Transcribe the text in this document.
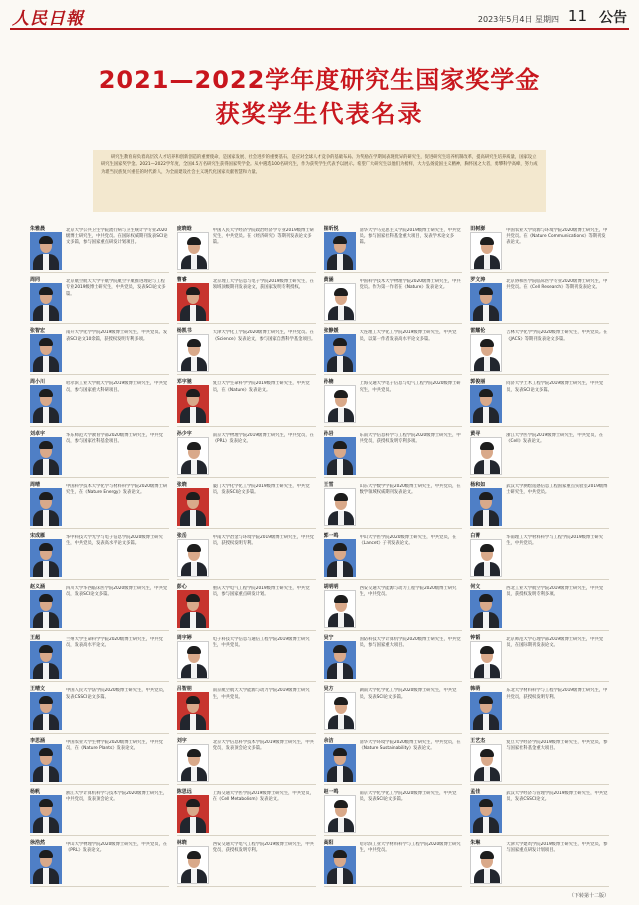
人民日報	2023年5月4日 星期四 11 公告
2021—2022学年度研究生国家奖学金
获奖学生代表名录
研究生教育肩负着高层次人才培养和创新创造的重要使命，是国家发展、社会进步的重要基石，是应对全球人才竞争的基础布局。为奖励在学期间表现优异的研究生，促进研究生培养机制改革，提高研究生培养质量，国家设立研究生国家奖学金。2021—2022学年度，全国4.5万名研究生获得国家奖学金。从中遴选100名研究生，作为获奖学生代表予以展示。希望广大研究生以他们为榜样，大力弘扬爱国主义精神，胸怀国之大者，勇攀科学高峰，努力成为堪当民族复兴重任的时代新人，为全面建设社会主义现代化国家贡献智慧和力量。
朱雅晨	北京大学公共卫生学院流行病与卫生统计学专业2020级博士研究生，中共党员。在国际权威期刊发表SCI论文多篇，参与国家重点研发计划项目。
庞晓晗	中国人民大学经济学院政治经济学专业2019级博士研究生，中共党员。在《经济研究》等期刊发表论文多篇。
崔昕悦	清华大学马克思主义学院2019级博士研究生，中共党员。参与国家社科基金重大项目，发表学术论文多篇。
田树澎	中国农业大学资源与环境学院2020级博士研究生，中共党员。在《Nature Communications》等期刊发表论文。
周同	北京航空航天大学宇航学院航空宇航推进理论与工程专业2019级博士研究生，中共党员，发表SCI论文多篇。
曹睿	北京理工大学信息与电子学院2019级博士研究生，在领域顶级期刊发表论文，获国家发明专利授权。
黄涵	中国科学技术大学物理学院2020级博士研究生，中共党员。作为第一作者在《Nature》发表论文。
罗文涛	北京协和医学院临床医学专业2020级博士研究生，中共党员。在《Cell Research》等期刊发表论文。
张智宏	南开大学化学学院2019级博士研究生，中共党员。发表SCI论文10余篇，获授权发明专利多项。
杨凯书	天津大学化工学院2020级博士研究生，中共党员。在《Science》发表论文，参与国家自然科学基金项目。
张静媛	大连理工大学化工学院2019级博士研究生，中共党员，以第一作者发表高水平论文多篇。
雷耀伦	吉林大学化学学院2020级博士研究生，中共党员。在《JACS》等期刊发表论文多篇。
周小川	哈尔滨工业大学航天学院2019级博士研究生，中共党员，参与国家重大科研项目。
邓宇驰	复旦大学生命科学学院2019级博士研究生，中共党员，在《Nature》发表论文。
孙楠	上海交通大学电子信息与电气工程学院2020级博士研究生，中共党员。
郭俊丽	同济大学土木工程学院2019级博士研究生，中共党员，发表SCI论文多篇。
刘卓宇	华东师范大学教育学部2020级博士研究生，中共党员，参与国家社科基金项目。
孙少宇	南京大学物理学院2019级博士研究生，中共党员，在《PRL》发表论文。
孙岩	东南大学信息科学与工程学院2020级博士研究生，中共党员，获授权发明专利多项。
黄寻	浙江大学医学院2019级博士研究生，中共党员，在《Cell》发表论文。
周晴	中国科学技术大学化学与材料科学学院2020级博士研究生，在《Nature Energy》发表论文。
张晓	厦门大学化学化工学院2019级博士研究生，中共党员，发表SCI论文多篇。
王雪	山东大学数学学院2020级博士研究生，中共党员，在数学领域权威期刊发表论文。
杨和如	武汉大学测绘遥感信息工程国家重点实验室2019级博士研究生，中共党员。
宋成雁	华中科技大学光学与电子信息学院2020级博士研究生，中共党员，发表高水平论文多篇。
张岳	中南大学冶金与环境学院2019级博士研究生，中共党员，获授权发明专利。
郭一鸣	中山大学医学院2020级博士研究生，中共党员，在《Lancet》子刊发表论文。
白菁	华南理工大学材料科学与工程学院2019级博士研究生，中共党员。
赵义涵	四川大学华西临床医学院2020级博士研究生，中共党员，发表SCI论文多篇。
彭心	重庆大学电气工程学院2019级博士研究生，中共党员，参与国家重点研发计划。
胡明明	西安交通大学能源与动力工程学院2020级博士研究生，中共党员。
何文	西北工业大学航空学院2019级博士研究生，中共党员，获授权发明专利多项。
王超	兰州大学生命科学学院2020级博士研究生，中共党员，发表高水平论文。
周宇婷	电子科技大学信息与通信工程学院2019级博士研究生，中共党员。
吴宁	国防科技大学计算机学院2020级博士研究生，中共党员，参与国家重大项目。
钟韬	北京师范大学心理学部2019级博士研究生，中共党员，在国际期刊发表论文。
王晴文	中国人民大学法学院2020级博士研究生，中共党员，发表CSSCI论文多篇。
吕智朋	南京航空航天大学能源与动力学院2019级博士研究生，中共党员。
吴方	湖南大学化学化工学院2020级博士研究生，中共党员，发表SCI论文多篇。
韩萌	东北大学材料科学与工程学院2019级博士研究生，中共党员，获授权发明专利。
李思涵	中国农业大学生物学院2020级博士研究生，中共党员，在《Nature Plants》发表论文。
刘宇	北京大学信息科学技术学院2019级博士研究生，中共党员，发表顶会论文多篇。
余洁	清华大学环境学院2020级博士研究生，中共党员，在《Nature Sustainability》发表论文。
王艺杰	复旦大学经济学院2019级博士研究生，中共党员，参与国家社科基金重大项目。
杨帆	浙江大学计算机科学与技术学院2020级博士研究生，中共党员，发表顶会论文。
陈思远	上海交通大学医学院2019级博士研究生，中共党员，在《Cell Metabolism》发表论文。
赵一鸣	南京大学化学化工学院2020级博士研究生，中共党员，发表SCI论文多篇。
孟佳	武汉大学经济与管理学院2019级博士研究生，中共党员，发表CSSCI论文。
徐浩然	中山大学物理学院2020级博士研究生，中共党员，在《PRL》发表论文。
林晓	西安交通大学电气工程学院2019级博士研究生，中共党员，获授权发明专利。
高阳	哈尔滨工业大学材料科学与工程学院2020级博士研究生，中共党员。
朱琳	天津大学建筑学院2019级博士研究生，中共党员，参与国家重点研发计划项目。
（下转第十二版）
